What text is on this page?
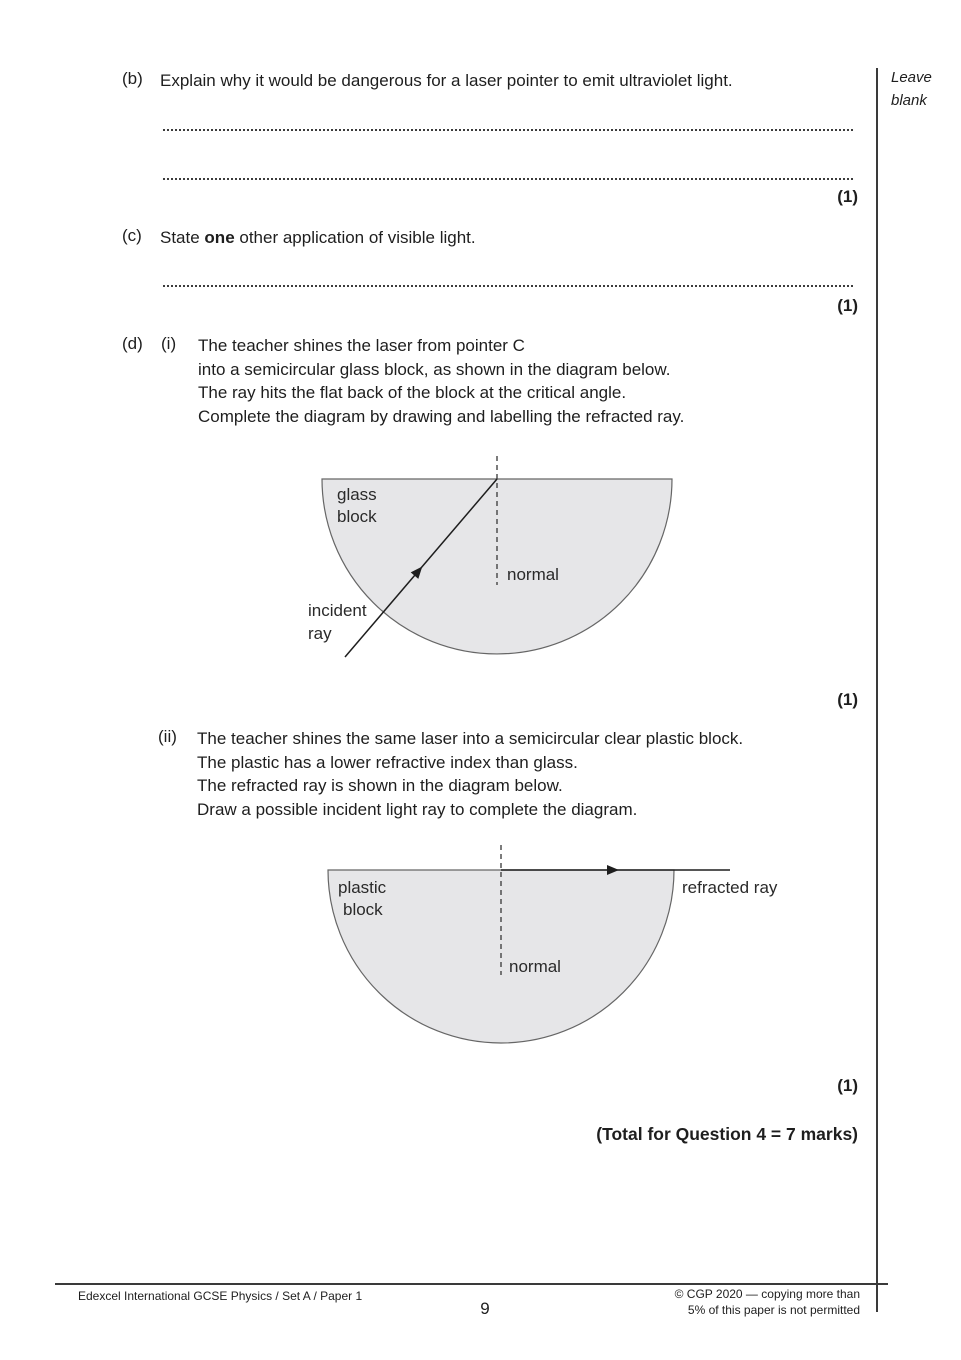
Leave
blank
(b) Explain why it would be dangerous for a laser pointer to emit ultraviolet light.
(1)
(c) State one other application of visible light.
(1)
(d) (i) The teacher shines the laser from pointer C
into a semicircular glass block, as shown in the diagram below.
The ray hits the flat back of the block at the critical angle.
Complete the diagram by drawing and labelling the refracted ray.
glass
block
normal
incident
ray
(1)
(ii) The teacher shines the same laser into a semicircular clear plastic block.
The plastic has a lower refractive index than glass.
The refracted ray is shown in the diagram below.
Draw a possible incident light ray to complete the diagram.
plastic
block
normal
refracted ray
(1)
(Total for Question 4 = 7 marks)
Edexcel International GCSE Physics / Set A / Paper 1
9
© CGP 2020 — copying more than
5% of this paper is not permitted
